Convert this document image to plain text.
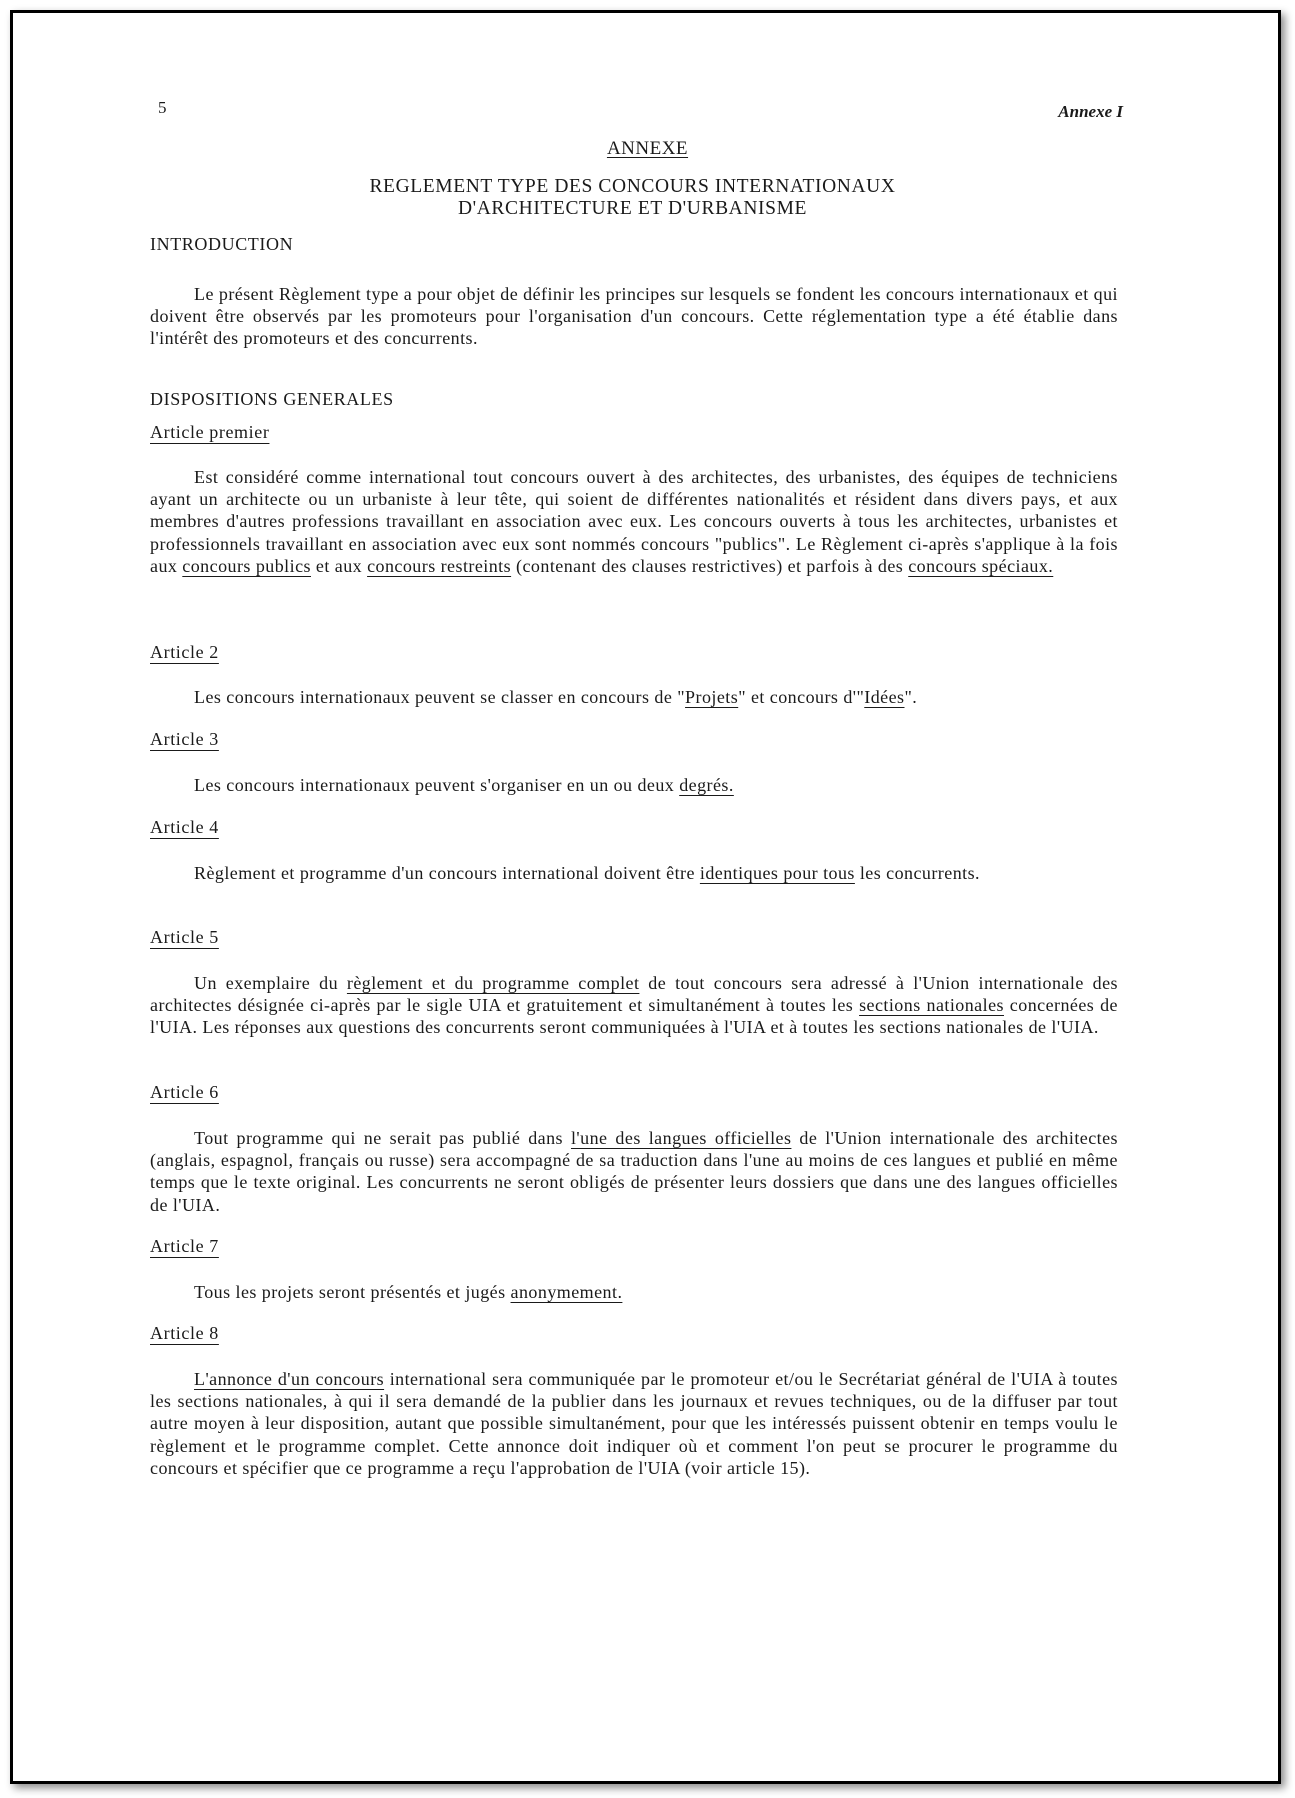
5	Annexe I
ANNEXE
REGLEMENT TYPE DES CONCOURS INTERNATIONAUX
D'ARCHITECTURE ET D'URBANISME
INTRODUCTION
Le présent Règlement type a pour objet de définir les principes sur lesquels se fondent les concours internationaux et qui doivent être observés par les promoteurs pour l'organisation d'un concours. Cette réglementation type a été établie dans l'intérêt des promoteurs et des concurrents.
DISPOSITIONS GENERALES
Article premier
Est considéré comme international tout concours ouvert à des architectes, des urbanistes, des équipes de techniciens ayant un architecte ou un urbaniste à leur tête, qui soient de différentes nationalités et résident dans divers pays, et aux membres d'autres professions travaillant en association avec eux. Les concours ouverts à tous les architectes, urbanistes et professionnels travaillant en association avec eux sont nommés concours "publics". Le Règlement ci-après s'applique à la fois aux concours publics et aux concours restreints (contenant des clauses restrictives) et parfois à des concours spéciaux.
Article 2
Les concours internationaux peuvent se classer en concours de "Projets" et concours d'"Idées".
Article 3
Les concours internationaux peuvent s'organiser en un ou deux degrés.
Article 4
Règlement et programme d'un concours international doivent être identiques pour tous les concurrents.
Article 5
Un exemplaire du règlement et du programme complet de tout concours sera adressé à l'Union internationale des architectes désignée ci-après par le sigle UIA et gratuitement et simultanément à toutes les sections nationales concernées de l'UIA. Les réponses aux questions des concurrents seront communiquées à l'UIA et à toutes les sections nationales de l'UIA.
Article 6
Tout programme qui ne serait pas publié dans l'une des langues officielles de l'Union internationale des architectes (anglais, espagnol, français ou russe) sera accompagné de sa traduction dans l'une au moins de ces langues et publié en même temps que le texte original. Les concurrents ne seront obligés de présenter leurs dossiers que dans une des langues officielles de l'UIA.
Article 7
Tous les projets seront présentés et jugés anonymement.
Article 8
L'annonce d'un concours international sera communiquée par le promoteur et/ou le Secrétariat général de l'UIA à toutes les sections nationales, à qui il sera demandé de la publier dans les journaux et revues techniques, ou de la diffuser par tout autre moyen à leur disposition, autant que possible simultanément, pour que les intéressés puissent obtenir en temps voulu le règlement et le programme complet. Cette annonce doit indiquer où et comment l'on peut se procurer le programme du concours et spécifier que ce programme a reçu l'approbation de l'UIA (voir article 15).
